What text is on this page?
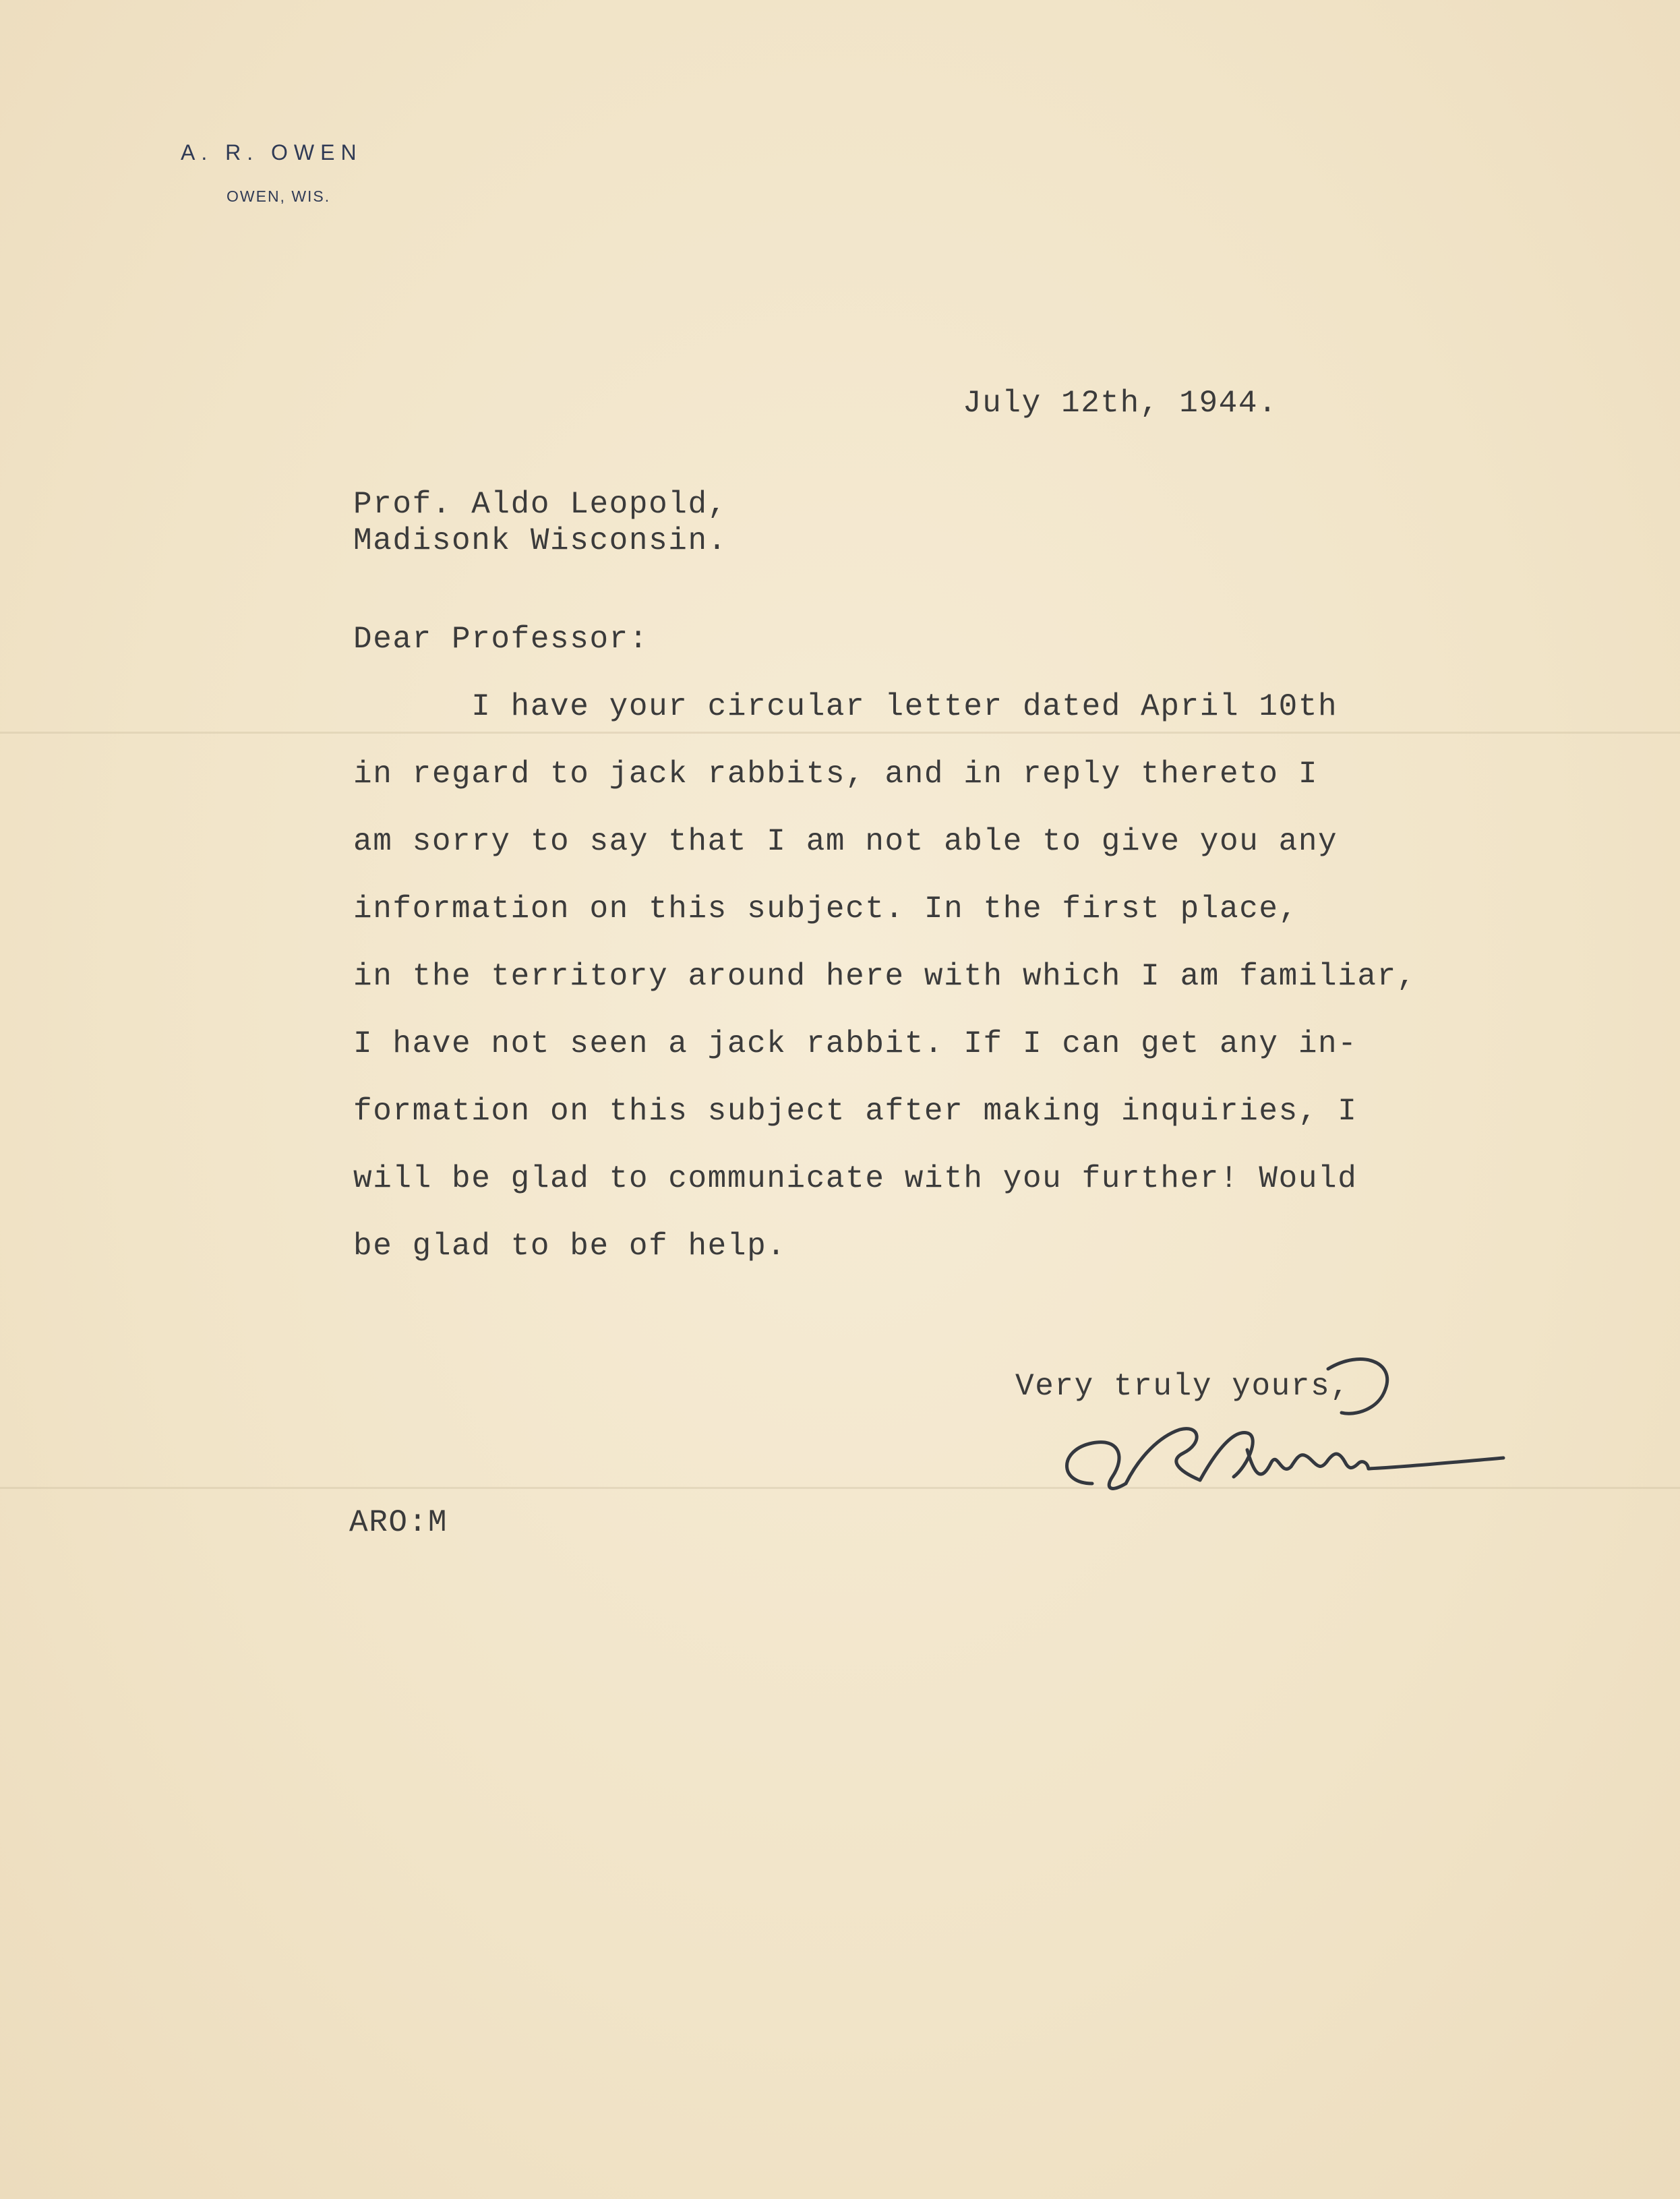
A. R. OWEN
OWEN, WIS.
July 12th, 1944.
Prof. Aldo Leopold,
Madisonk Wisconsin.
Dear Professor:
I have your circular letter dated April 10th
in regard to jack rabbits, and in reply thereto I
am sorry to say that I am not able to give you any
information on this subject. In the first place,
in the territory around here with which I am familiar,
I have not seen a jack rabbit. If I can get any in-
formation on this subject after making inquiries, I
will be glad to communicate with you further! Would
be glad to be of help.
Very truly yours,
ARO:M
